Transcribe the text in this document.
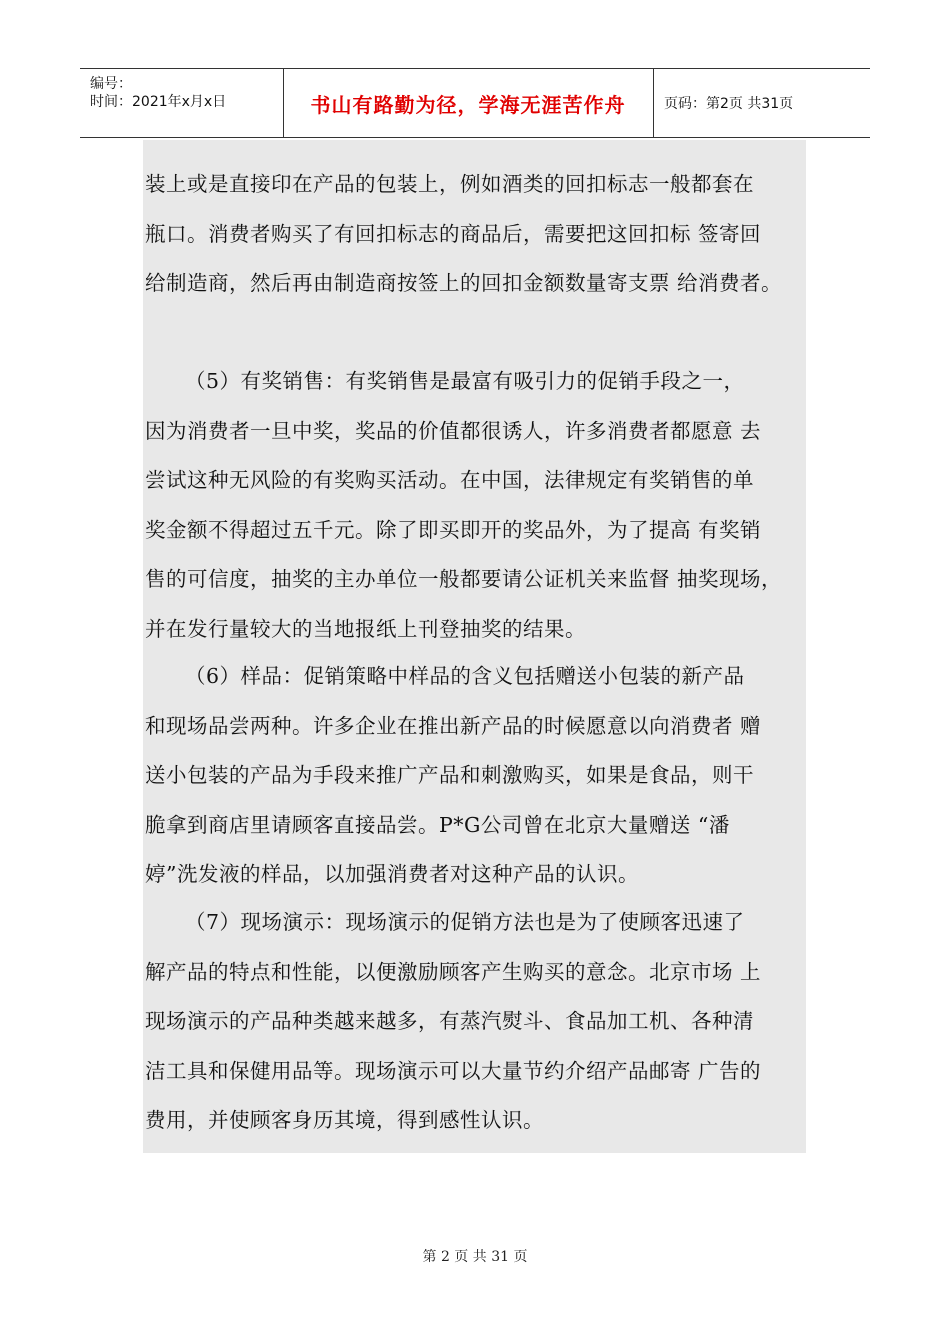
编号：
时间：2021年x月x日	书山有路勤为径，学海无涯苦作舟	页码：第2页 共31页

装上或是直接印在产品的包装上，例如酒类的回扣标志一般都套在

瓶口。消费者购买了有回扣标志的商品后，需要把这回扣标 签寄回

给制造商，然后再由制造商按签上的回扣金额数量寄支票 给消费者。

（5）有奖销售：有奖销售是最富有吸引力的促销手段之一，

因为消费者一旦中奖，奖品的价值都很诱人，许多消费者都愿意 去

尝试这种无风险的有奖购买活动。在中国，法律规定有奖销售的单

奖金额不得超过五千元。除了即买即开的奖品外，为了提高 有奖销

售的可信度，抽奖的主办单位一般都要请公证机关来监督 抽奖现场，

并在发行量较大的当地报纸上刊登抽奖的结果。

（6）样品：促销策略中样品的含义包括赠送小包装的新产品

和现场品尝两种。许多企业在推出新产品的时候愿意以向消费者 赠

送小包装的产品为手段来推广产品和刺激购买，如果是食品，则干

脆拿到商店里请顾客直接品尝。P*G公司曾在北京大量赠送 “潘

婷”洗发液的样品，以加强消费者对这种产品的认识。

（7）现场演示：现场演示的促销方法也是为了使顾客迅速了

解产品的特点和性能，以便激励顾客产生购买的意念。北京市场 上

现场演示的产品种类越来越多，有蒸汽熨斗、食品加工机、各种清

洁工具和保健用品等。现场演示可以大量节约介绍产品邮寄 广告的

费用，并使顾客身历其境，得到感性认识。

第 2 页 共 31 页
